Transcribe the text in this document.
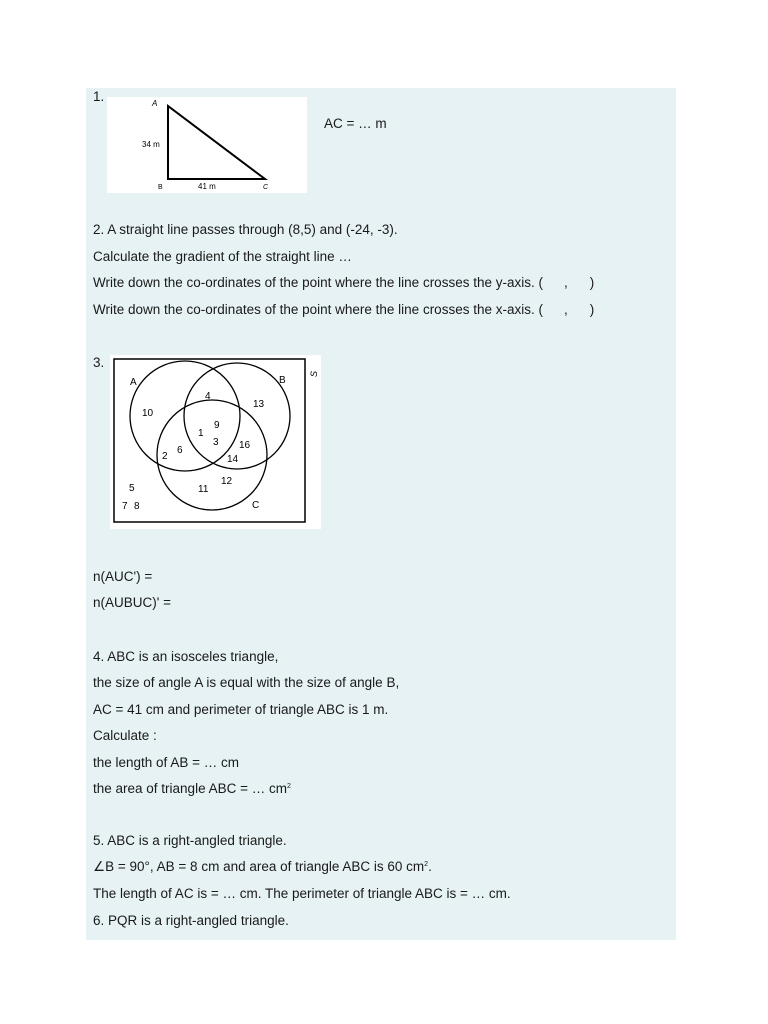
1.	A
B	C
34 m
41 m
AC = … m
2. A straight line passes through (8,5) and (-24, -3).
Calculate the gradient of the straight line …
Write down the co-ordinates of the point where the line crosses the y-axis. ( , )
Write down the co-ordinates of the point where the line crosses the x-axis. ( , )
3.
A	B
C
S
10
4
13
9
1
3
2
6	16
14
12
11
5
7 8
n(AUC') =
n(AUBUC)' =
4. ABC is an isosceles triangle,
the size of angle A is equal with the size of angle B,
AC = 41 cm and perimeter of triangle ABC is 1 m.
Calculate :
the length of AB = … cm
the area of triangle ABC = … $cm^2$
5. ABC is a right-angled triangle.
∠B = 90°, AB = 8 cm and area of triangle ABC is 60 $cm^2$.
The length of AC is = … cm. The perimeter of triangle ABC is = … cm.
6. PQR is a right-angled triangle.
